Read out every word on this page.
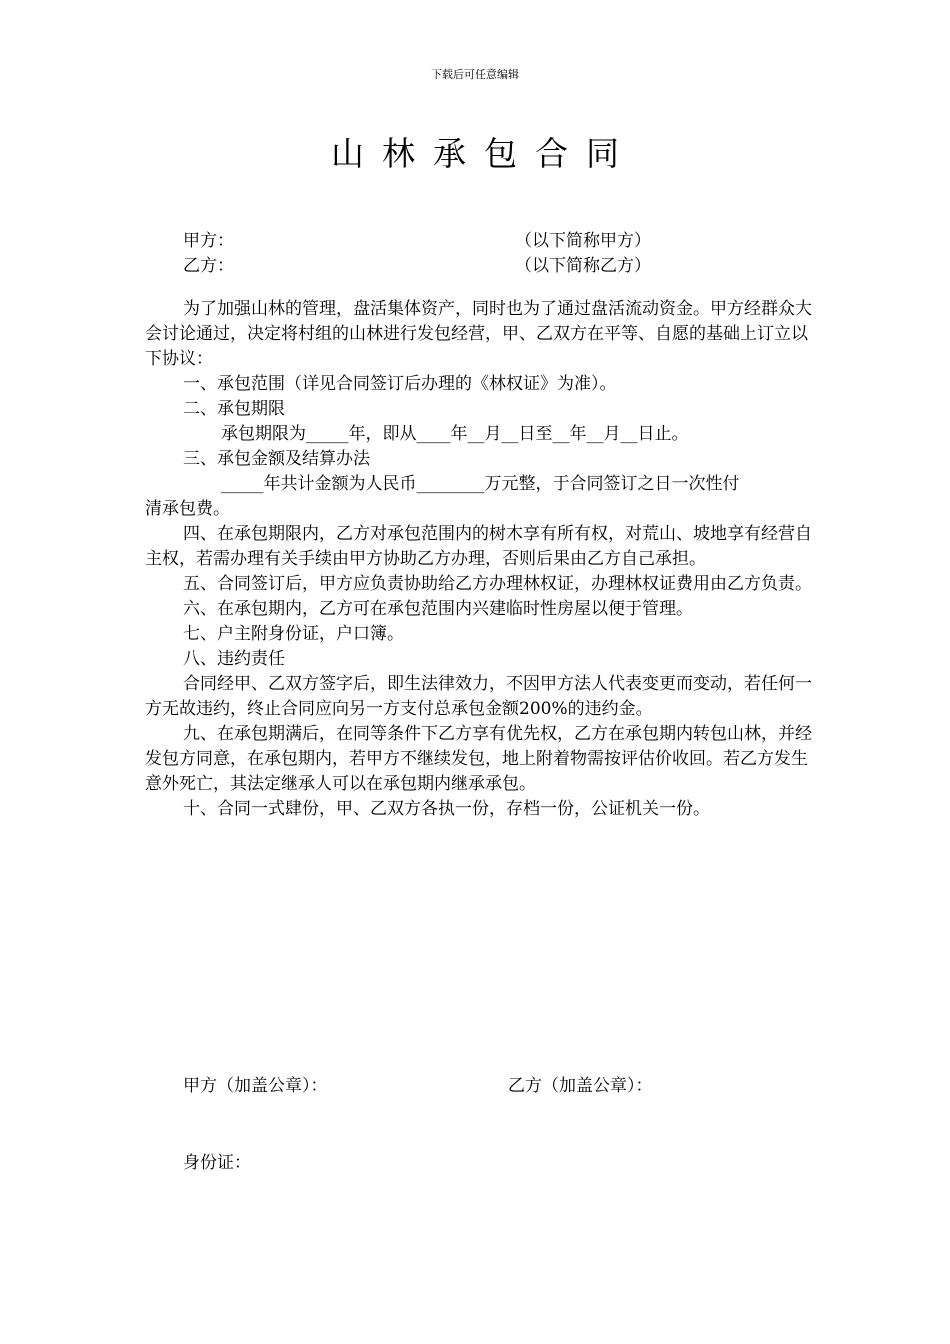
下载后可任意编辑
山林承包合同
甲方：	（以下简称甲方）
乙方：	（以下简称乙方）

为了加强山林的管理，盘活集体资产，同时也为了通过盘活流动资金。甲方经群众大会讨论通过，决定将村组的山林进行发包经营，甲、乙双方在平等、自愿的基础上订立以下协议：

一、承包范围（详见合同签订后办理的《林权证》为准）。

二、承包期限

承包期限为_____年，即从____年__月__日至__年__月__日止。

三、承包金额及结算办法

_____年共计金额为人民币________万元整，于合同签订之日一次性付

清承包费。

四、在承包期限内，乙方对承包范围内的树木享有所有权，对荒山、坡地享有经营自主权，若需办理有关手续由甲方协助乙方办理，否则后果由乙方自己承担。

五、合同签订后，甲方应负责协助给乙方办理林权证，办理林权证费用由乙方负责。

六、在承包期内，乙方可在承包范围内兴建临时性房屋以便于管理。

七、户主附身份证，户口簿。

八、违约责任

合同经甲、乙双方签字后，即生法律效力，不因甲方法人代表变更而变动，若任何一方无故违约，终止合同应向另一方支付总承包金额200%的违约金。

九、在承包期满后，在同等条件下乙方享有优先权，乙方在承包期内转包山林，并经发包方同意，在承包期内，若甲方不继续发包，地上附着物需按评估价收回。若乙方发生意外死亡，其法定继承人可以在承包期内继承承包。

十、合同一式肆份，甲、乙双方各执一份，存档一份，公证机关一份。

甲方（加盖公章）：	乙方（加盖公章）：
身份证：
